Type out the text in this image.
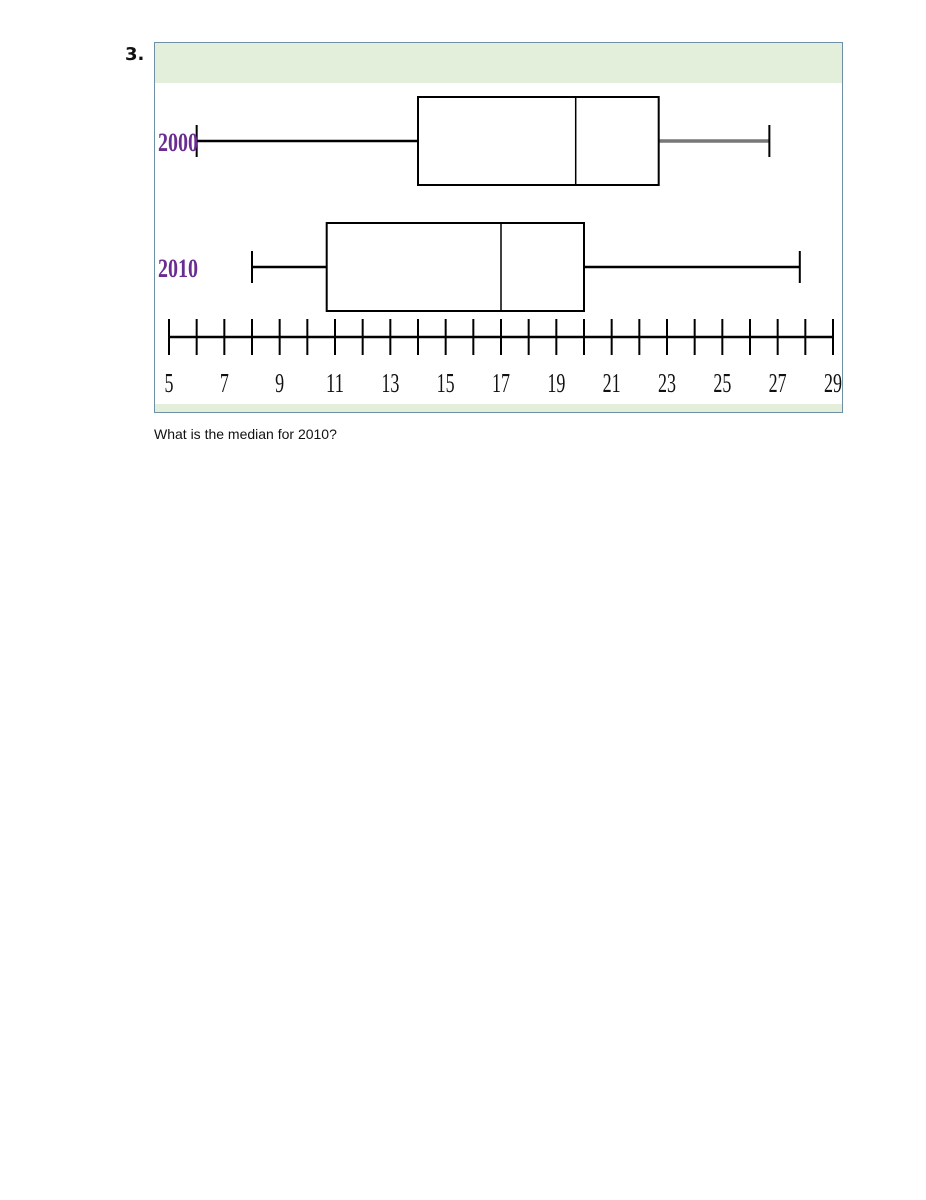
3.
5 7 9 11 13 15 17 19 21 23 25 27 29
2000
2010
What is the median for 2010?
